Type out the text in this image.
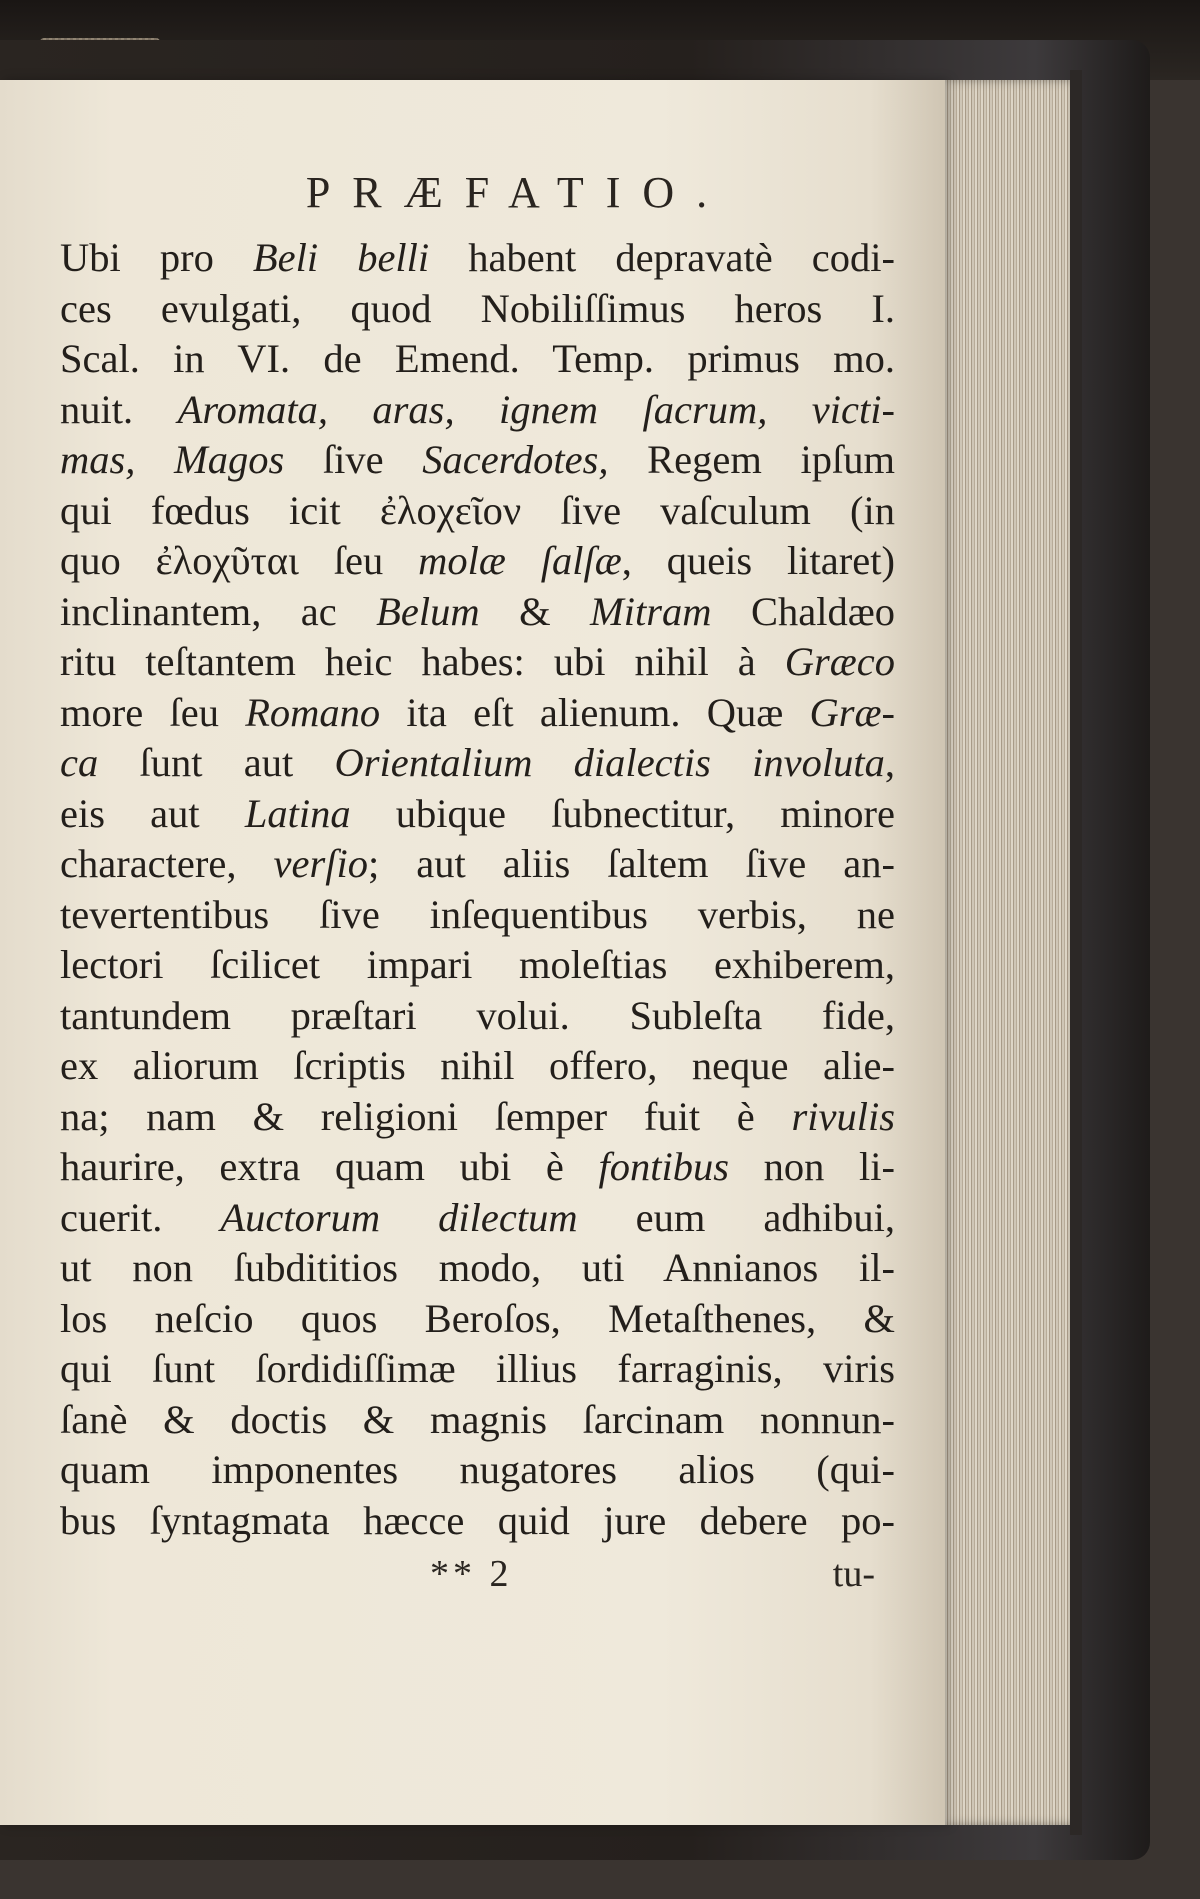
PRÆFATIO.
Ubi pro Beli belli habent depravatè codi-
ces evulgati, quod Nobiliſſimus heros I.
Scal. in VI. de Emend. Temp. primus mo.
nuit. Aromata, aras, ignem ſacrum, victi-
mas, Magos ſive Sacerdotes, Regem ipſum
qui fœdus icit ἐλοχεῖον ſive vaſculum (in
quo ἐλοχῦται ſeu molæ ſalſæ, queis litaret)
inclinantem, ac Belum & Mitram Chaldæo
ritu teſtantem heic habes: ubi nihil à Græco
more ſeu Romano ita eſt alienum. Quæ Græ-
ca ſunt aut Orientalium dialectis involuta,
eis aut Latina ubique ſubnectitur, minore
charactere, verſio; aut aliis ſaltem ſive an-
tevertentibus ſive inſequentibus verbis, ne
lectori ſcilicet impari moleſtias exhiberem,
tantundem præſtari volui. Subleſta fide,
ex aliorum ſcriptis nihil offero, neque alie-
na; nam & religioni ſemper fuit è rivulis
haurire, extra quam ubi è fontibus non li-
cuerit. Auctorum dilectum eum adhibui,
ut non ſubdititios modo, uti Annianos il-
los neſcio quos Beroſos, Metaſthenes, &
qui ſunt ſordidiſſimæ illius farraginis, viris
ſanè & doctis & magnis ſarcinam nonnun-
quam imponentes nugatores alios (qui-
bus ſyntagmata hæcce quid jure debere po-
** 2	tu-
